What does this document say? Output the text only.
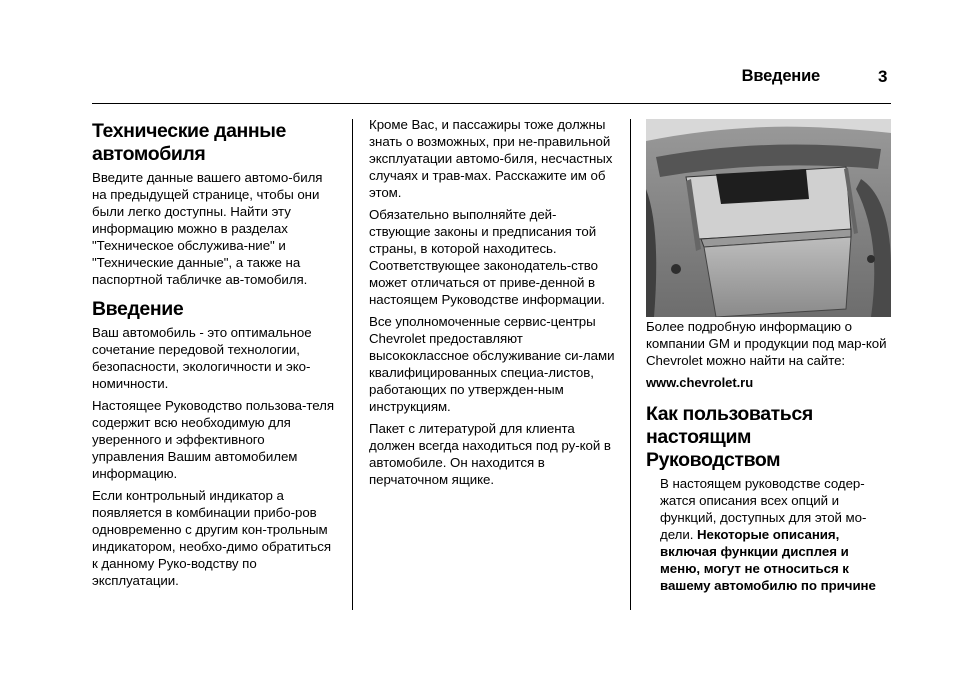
Введение	3
Технические данные автомобиля

Введите данные вашего автомо-биля на предыдущей странице, чтобы они были легко доступны. Найти эту информацию можно в разделах "Техническое обслужива-ние" и "Технические данные", а также на паспортной табличке ав-томобиля.

Введение

Ваш автомобиль - это оптимальное сочетание передовой технологии, безопасности, экологичности и эко-номичности.

Настоящее Руководство пользова-теля содержит всю необходимую для уверенного и эффективного управления Вашим автомобилем информацию.

Если контрольный индикатор а появляется в комбинации прибо-ров одновременно с другим кон-трольным индикатором, необхо-димо обратиться к данному Руко-водству по эксплуатации.

Кроме Вас, и пассажиры тоже должны знать о возможных, при не-правильной эксплуатации автомо-биля, несчастных случаях и трав-мах. Расскажите им об этом.

Обязательно выполняйте дей-ствующие законы и предписания той страны, в которой находитесь. Соответствующее законодатель-ство может отличаться от приве-денной в настоящем Руководстве информации.

Все уполномоченные сервис-центры Chevrolet предоставляют высококлассное обслуживание си-лами квалифицированных специа-листов, работающих по утвержден-ным инструкциям.

Пакет с литературой для клиента должен всегда находиться под ру-кой в автомобиле. Он находится в перчаточном ящике.

Более подробную информацию о компании GM и продукции под мар-кой Chevrolet можно найти на сайте:

www.chevrolet.ru

Как пользоваться настоящим Руководством

В настоящем руководстве содер-жатся описания всех опций и функций, доступных для этой мо-дели. Некоторые описания, включая функции дисплея и меню, могут не относиться к вашему автомобилю по причине
